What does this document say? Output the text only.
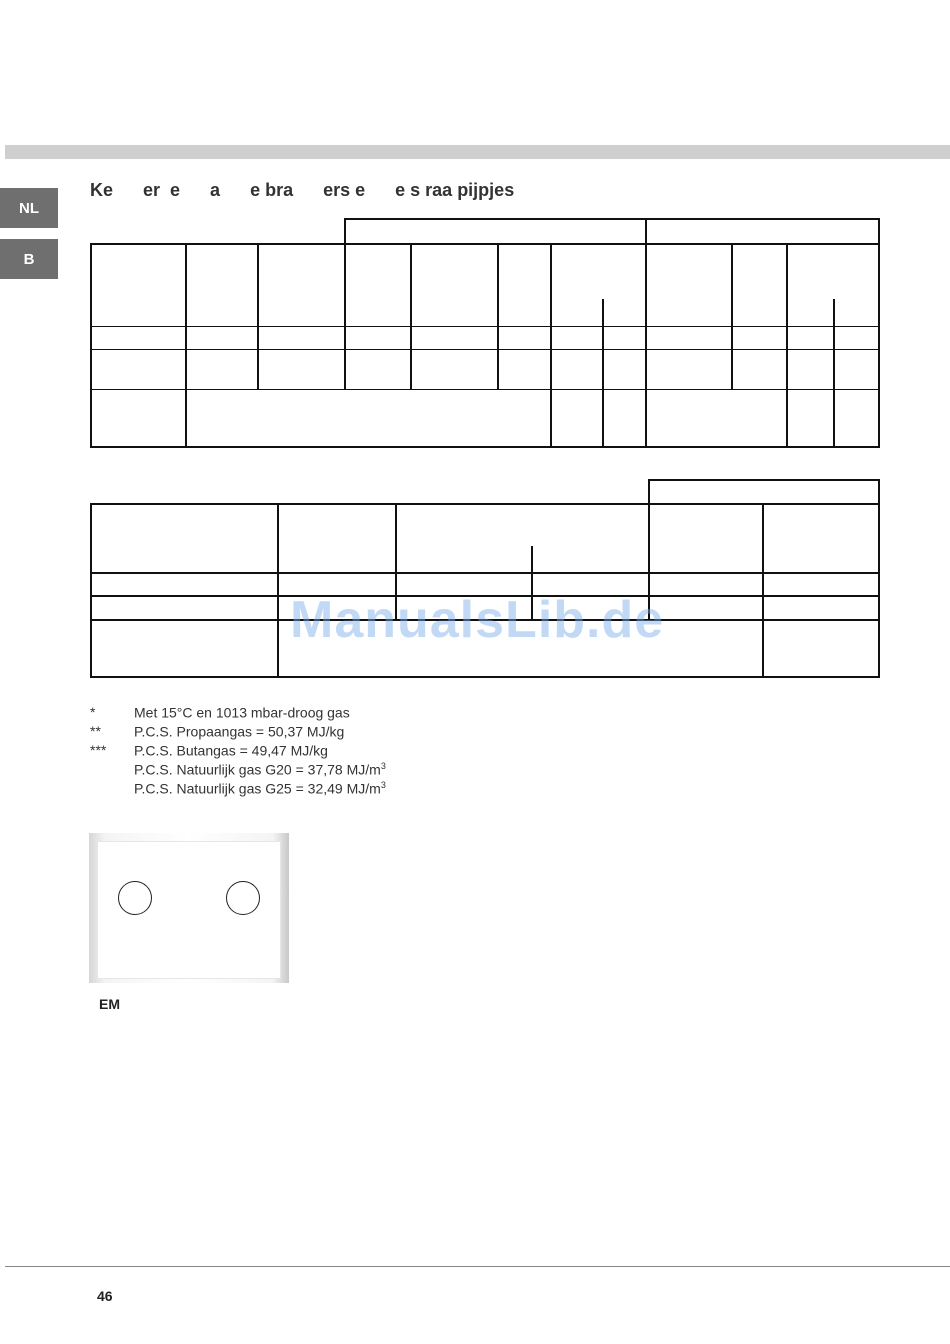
NL
B
Ke      er  e      a      e bra      ers e      e s raa pijpjes
ManualsLib.de
*	Met 15°C en 1013 mbar-droog gas
** P.C.S. Propaangas = 50,37 MJ/kg
*** P.C.S. Butangas = 49,47 MJ/kg
P.C.S. Natuurlijk gas G20 = 37,78 $MJ/m^3$
P.C.S. Natuurlijk gas G25 = 32,49 $MJ/m^3$
EM
46
